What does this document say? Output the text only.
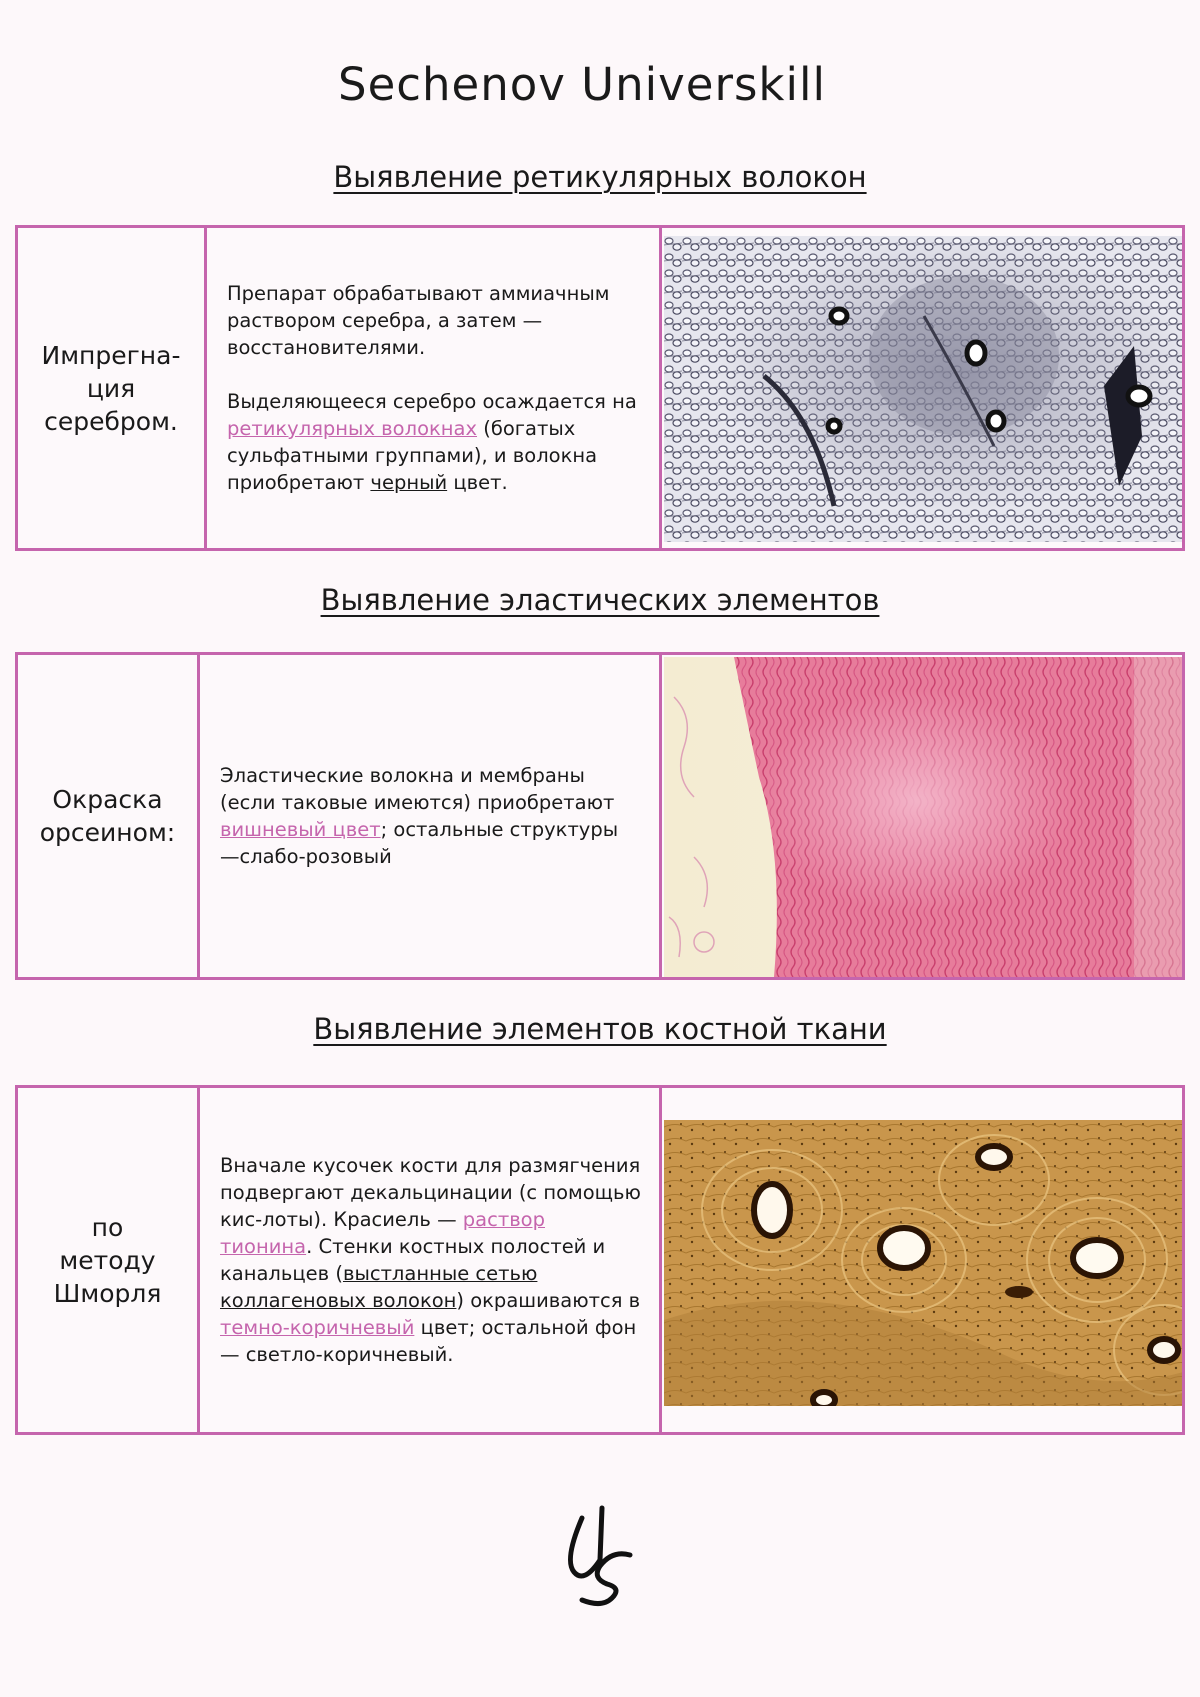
Sechenov Universkill
Выявление ретикулярных волокон
Импрегна-ция серебром.

Препарат обрабатывают аммиачным раствором серебра, а затем — восстановителями.

Выделяющееся серебро осаждается на ретикулярных волокнах (богатых сульфатными группами), и волокна приобретают черный цвет.

Выявление эластических элементов
Окраска орсеином:

Эластические волокна и мембраны (если таковые имеются) приобретают вишневый цвет; остальные структуры —слабо-розовый

Выявление элементов костной ткани
по методу Шморля

Вначале кусочек кости для размягчения подвергают декальцинации (с помощью кис-лоты). Красиель — раствор тионина. Стенки костных полостей и канальцев (выстланные сетью коллагеновых волокон) окрашиваются в темно-коричневый цвет; остальной фон — светло-коричневый.
